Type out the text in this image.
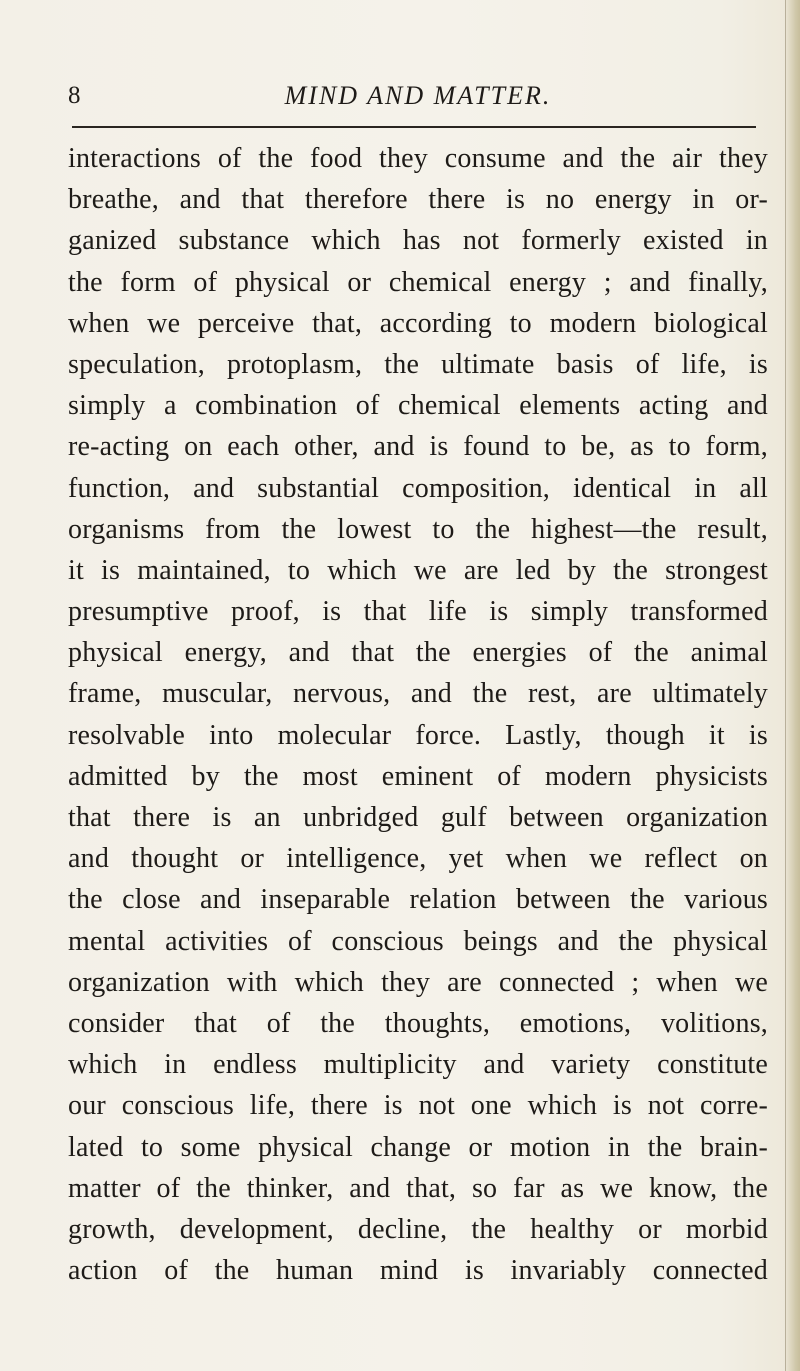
8	MIND AND MATTER.
interactions of the food they consume and the air they
breathe, and that therefore there is no energy in or-
ganized substance which has not formerly existed in
the form of physical or chemical energy ; and finally,
when we perceive that, according to modern biological
speculation, protoplasm, the ultimate basis of life, is
simply a combination of chemical elements acting and
re-acting on each other, and is found to be, as to form,
function, and substantial composition, identical in all
organisms from the lowest to the highest—the result,
it is maintained, to which we are led by the strongest
presumptive proof, is that life is simply transformed
physical energy, and that the energies of the animal
frame, muscular, nervous, and the rest, are ultimately
resolvable into molecular force. Lastly, though it is
admitted by the most eminent of modern physicists
that there is an unbridged gulf between organization
and thought or intelligence, yet when we reflect on
the close and inseparable relation between the various
mental activities of conscious beings and the physical
organization with which they are connected ; when we
consider that of the thoughts, emotions, volitions,
which in endless multiplicity and variety constitute
our conscious life, there is not one which is not corre-
lated to some physical change or motion in the brain-
matter of the thinker, and that, so far as we know, the
growth, development, decline, the healthy or morbid
action of the human mind is invariably connected
